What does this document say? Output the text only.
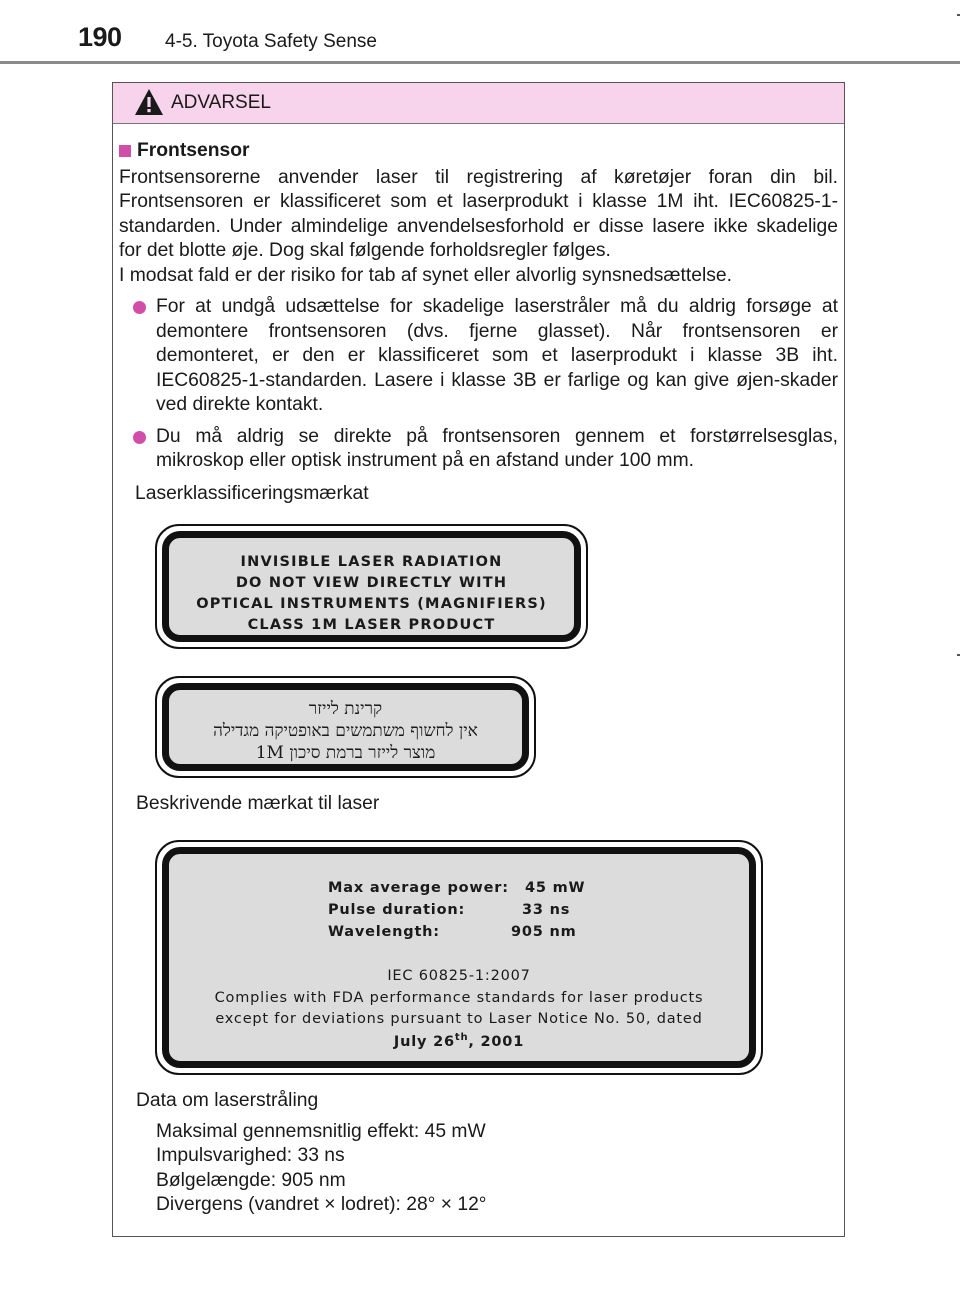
190 4-5. Toyota Safety Sense
ADVARSEL
Frontsensor
Frontsensorerne anvender laser til registrering af køretøjer foran din bil. Frontsensoren er klassificeret som et laserprodukt i klasse 1M iht. IEC60825-1-standarden. Under almindelige anvendelsesforhold er disse lasere ikke skadelige for det blotte øje. Dog skal følgende forholdsregler følges.
I modsat fald er der risiko for tab af synet eller alvorlig synsnedsættelse.
For at undgå udsættelse for skadelige laserstråler må du aldrig forsøge at demontere frontsensoren (dvs. fjerne glasset). Når frontsensoren er demonteret, er den er klassificeret som et laserprodukt i klasse 3B iht. IEC60825-1-standarden. Lasere i klasse 3B er farlige og kan give øjen-skader ved direkte kontakt.
Du må aldrig se direkte på frontsensoren gennem et forstørrelsesglas, mikroskop eller optisk instrument på en afstand under 100 mm.
Laserklassificeringsmærkat
INVISIBLE LASER RADIATION
DO NOT VIEW DIRECTLY WITH
OPTICAL INSTRUMENTS (MAGNIFIERS)
CLASS 1M LASER PRODUCT
קרינת לייזר
אין לחשוף משתמשים באופטיקה מגדילה
מוצר לייזר ברמת סיכון 1M
Beskrivende mærkat til laser
Max average power: 45 mW
Pulse duration:	33 ns
Wavelength:	905 nm
IEC 60825-1:2007
Complies with FDA performance standards for laser products
except for deviations pursuant to Laser Notice No. 50, dated
July 26th, 2001
Data om laserstråling
Maksimal gennemsnitlig effekt: 45 mW
Impulsvarighed: 33 ns
Bølgelængde: 905 nm
Divergens (vandret × lodret): 28° × 12°
